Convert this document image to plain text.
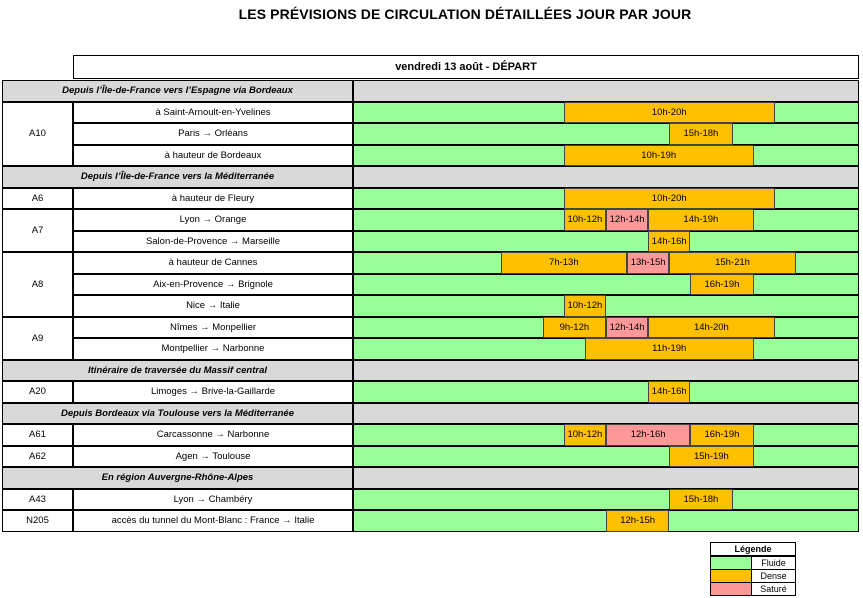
LES PRÉVISIONS DE CIRCULATION DÉTAILLÉES JOUR PAR JOUR
vendredi 13 août - DÉPART
Depuis l’Île-de-France vers l’Espagne via Bordeaux
A10
à Saint-Arnoult-en-Yvelines	10h-20h
Paris → Orléans	15h-18h
à hauteur de Bordeaux	10h-19h
Depuis l’Île-de-France vers la Méditerranée
A6	à hauteur de Fleury	10h-20h
A7
Lyon → Orange	10h-12h 12h-14h	14h-19h
Salon-de-Provence → Marseille	14h-16h
A8
à hauteur de Cannes	7h-13h	13h-15h	15h-21h
Aix-en-Provence → Brignole	16h-19h
Nice → Italie	10h-12h
A9
Nîmes → Monpellier	9h-12h	12h-14h	14h-20h
Montpellier → Narbonne	11h-19h
Itinéraire de traversée du Massif central
A20	Limoges → Brive-la-Gaillarde	14h-16h
Depuis Bordeaux via Toulouse vers la Méditerranée
A61	Carcassonne → Narbonne	10h-12h	12h-16h	16h-19h
A62	Agen → Toulouse	15h-19h
En région Auvergne-Rhône-Alpes
A43	Lyon → Chambéry	15h-18h
N205	accès du tunnel du Mont-Blanc : France → Italie	12h-15h
Légende
Fluide
Dense
Saturé
